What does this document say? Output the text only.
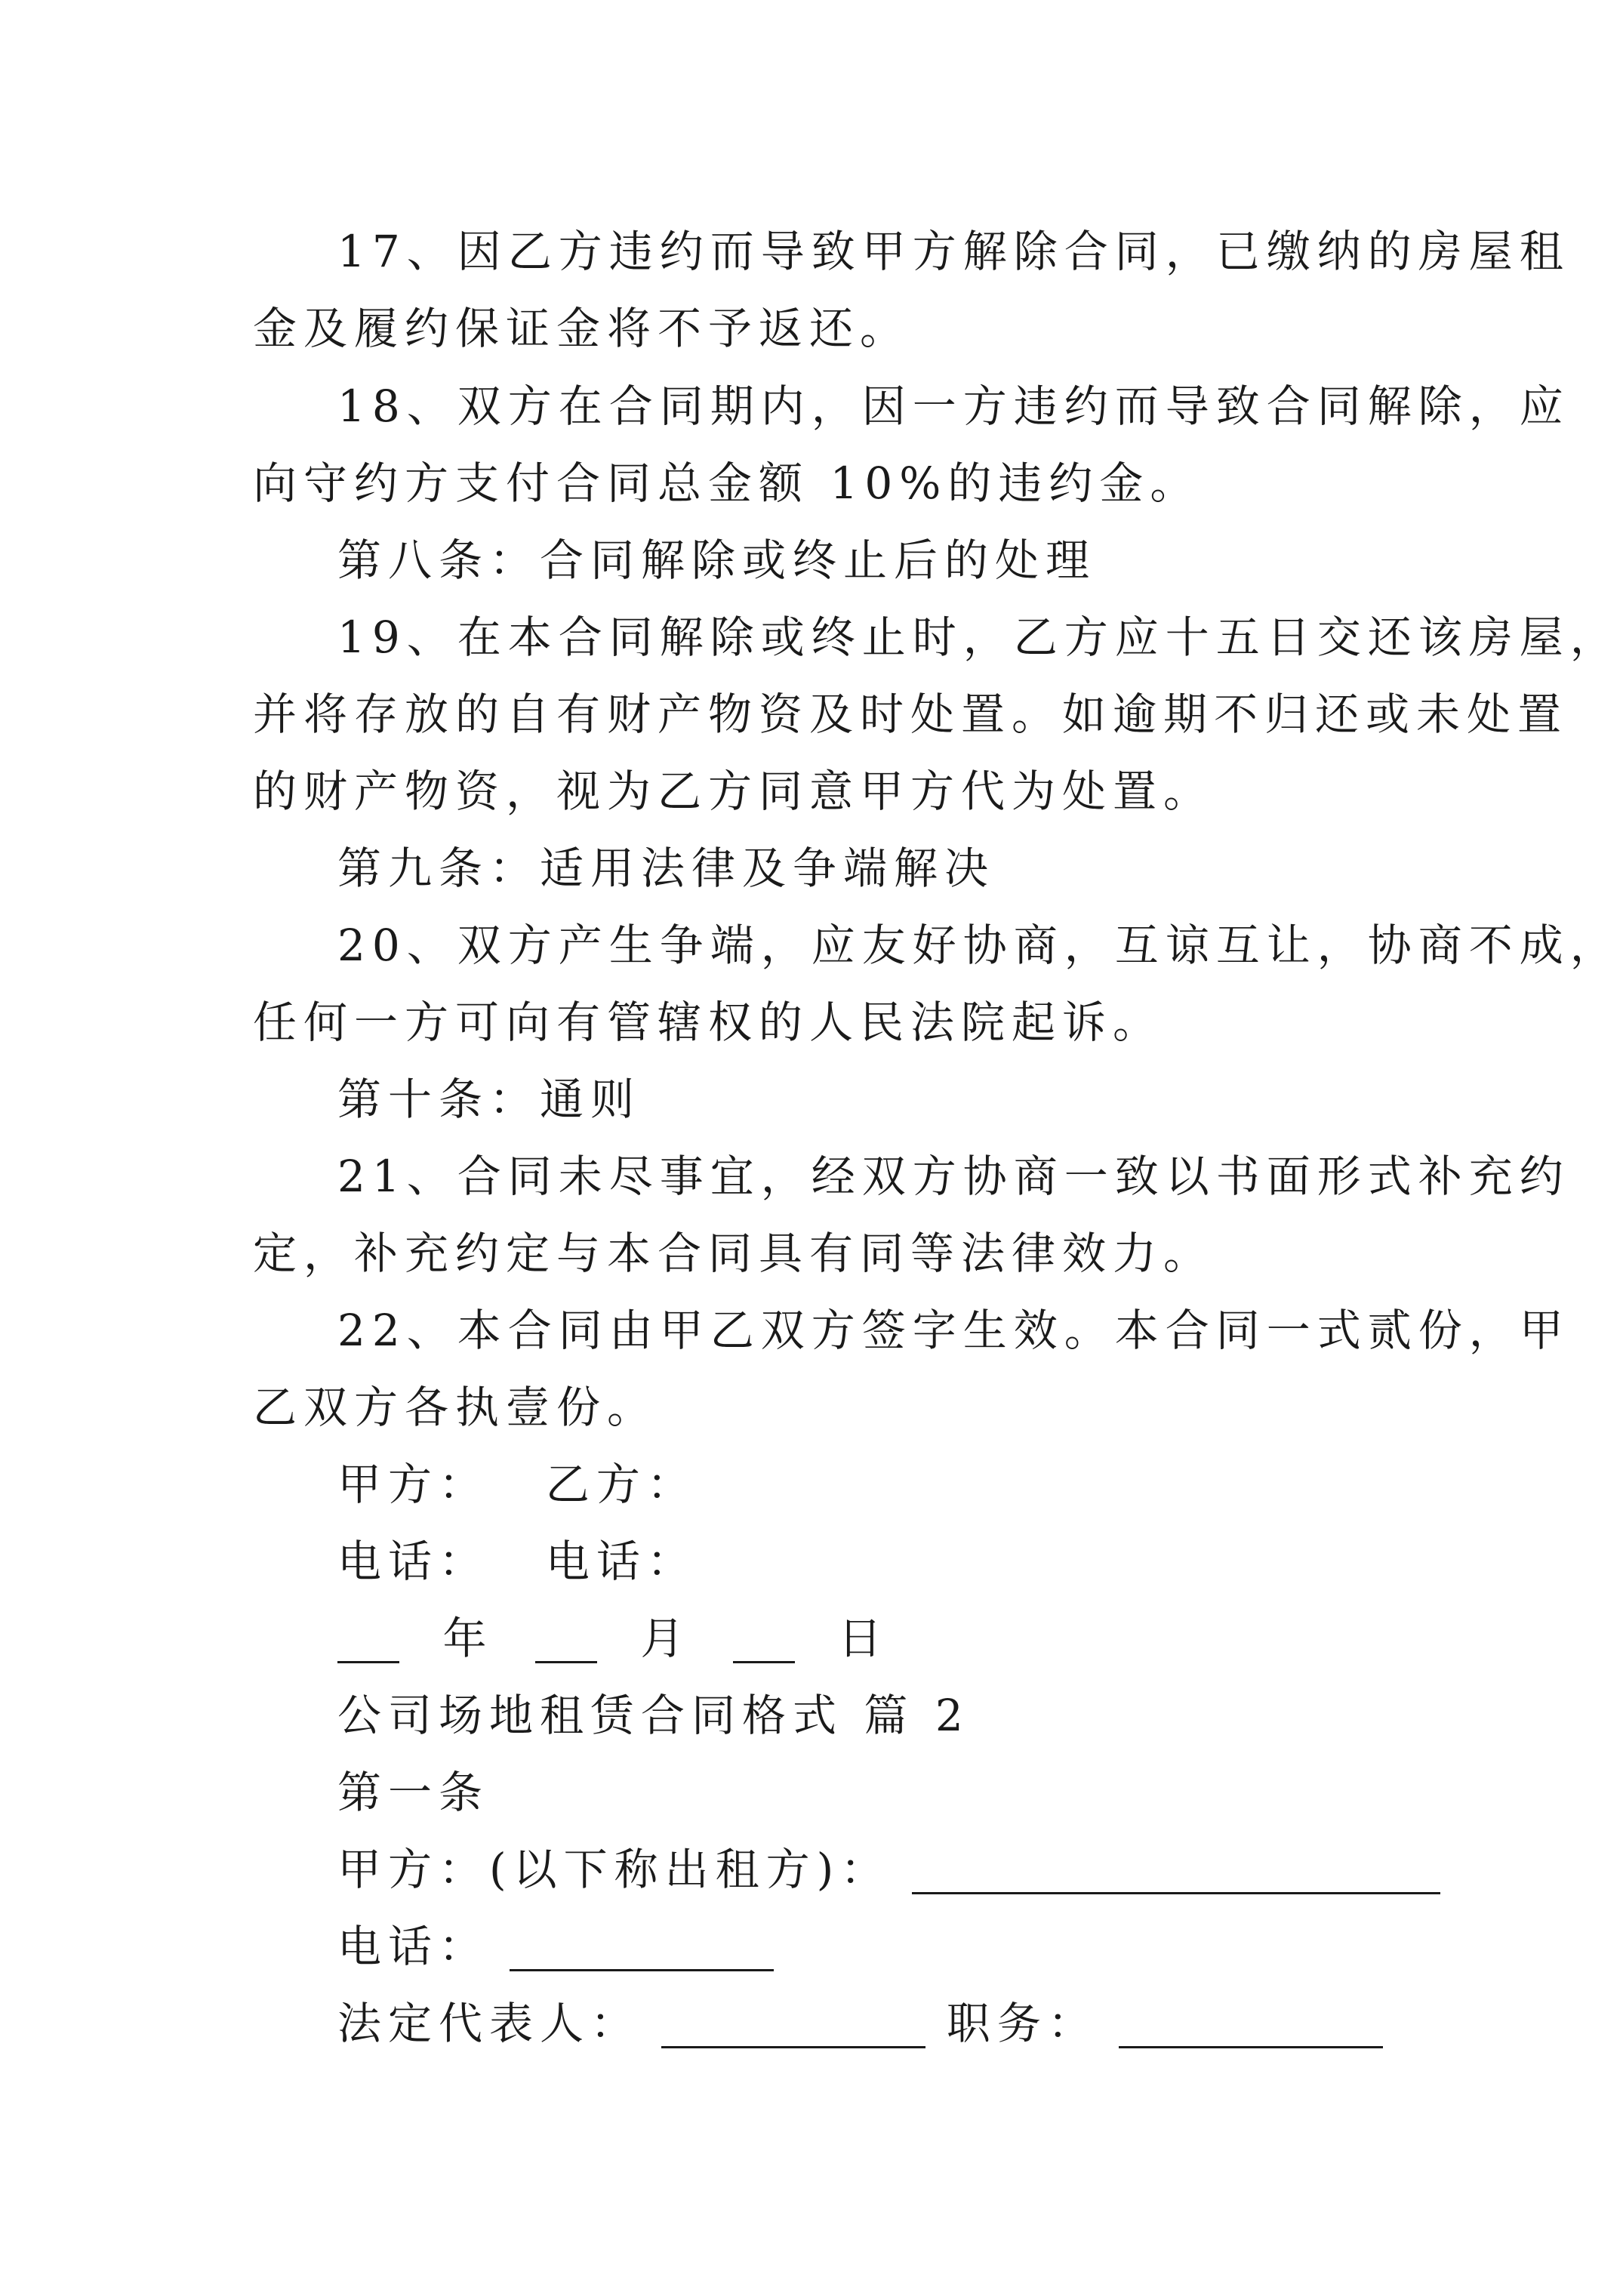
17、因乙方违约而导致甲方解除合同，已缴纳的房屋租
金及履约保证金将不予返还。
18、双方在合同期内，因一方违约而导致合同解除，应
向守约方支付合同总金额 10%的违约金。
第八条：合同解除或终止后的处理
19、在本合同解除或终止时，乙方应十五日交还该房屋，
并将存放的自有财产物资及时处置。如逾期不归还或未处置
的财产物资，视为乙方同意甲方代为处置。
第九条：适用法律及争端解决
20、双方产生争端，应友好协商，互谅互让，协商不成，
任何一方可向有管辖权的人民法院起诉。
第十条：通则
21、合同未尽事宜，经双方协商一致以书面形式补充约
定，补充约定与本合同具有同等法律效力。
22、本合同由甲乙双方签字生效。本合同一式贰份，甲
乙双方各执壹份。
甲方： 乙方：
电话： 电话：
年	月	日
公司场地租赁合同格式 篇 2
第一条
甲方：(以下称出租方)：
电话：
法定代表人：	职务：
